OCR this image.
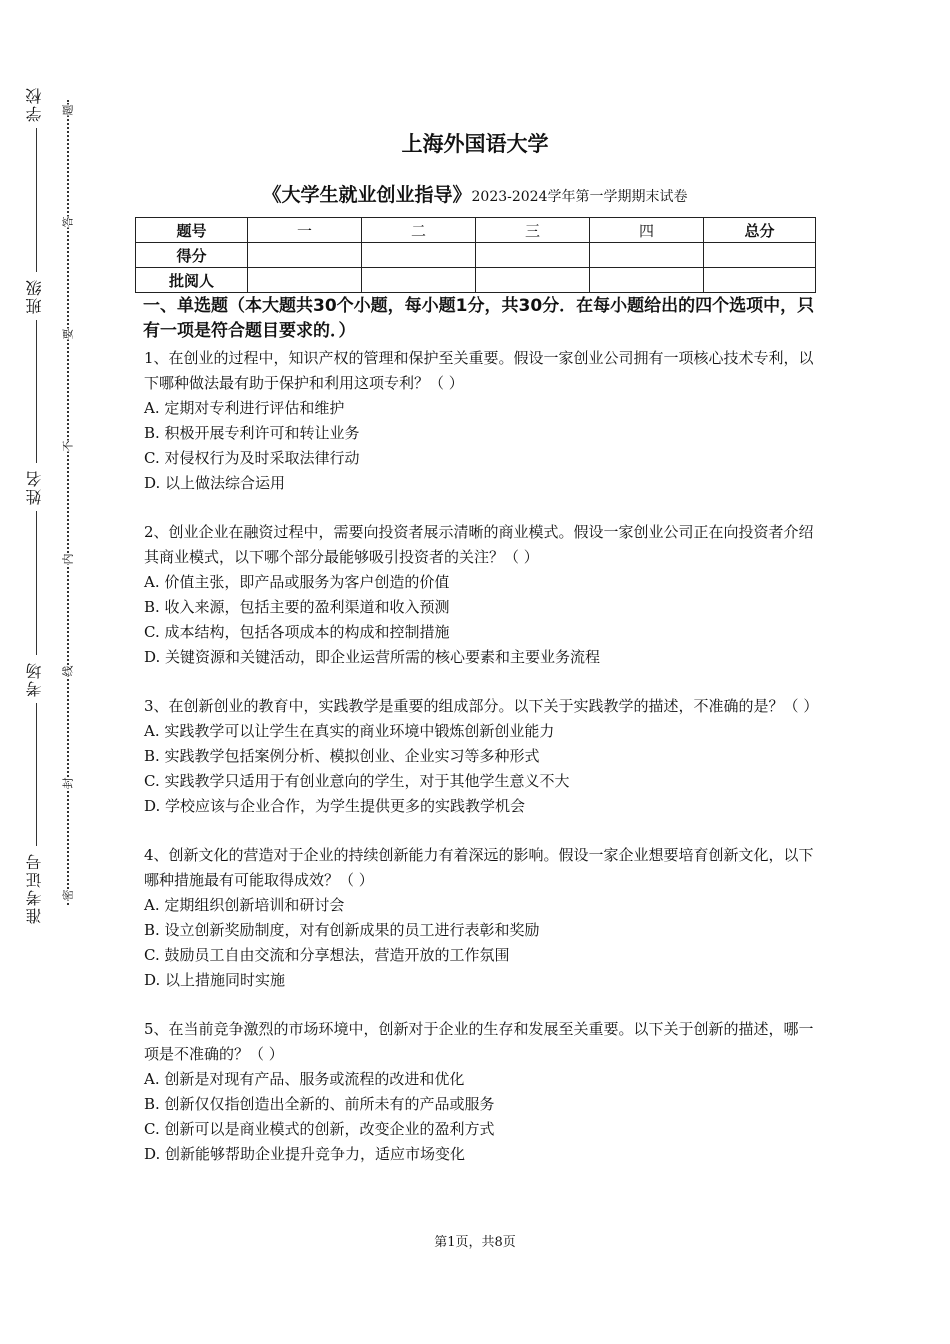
学校
班级
姓名
考场
准考证号
题
答
要
不
内
线
封
密
上海外国语大学
《大学生就业创业指导》2023-2024学年第一学期期末试卷
题号	一	二	三	四	总分
得分					
批阅人					
一、单选题（本大题共30个小题，每小题1分，共30分．在每小题给出的四个选项中，只有一项是符合题目要求的．）
1、在创业的过程中，知识产权的管理和保护至关重要。假设一家创业公司拥有一项核心技术专利，以下哪种做法最有助于保护和利用这项专利？（ ）
A. 定期对专利进行评估和维护
B. 积极开展专利许可和转让业务
C. 对侵权行为及时采取法律行动
D. 以上做法综合运用
2、创业企业在融资过程中，需要向投资者展示清晰的商业模式。假设一家创业公司正在向投资者介绍其商业模式，以下哪个部分最能够吸引投资者的关注？（ ）
A. 价值主张，即产品或服务为客户创造的价值
B. 收入来源，包括主要的盈利渠道和收入预测
C. 成本结构，包括各项成本的构成和控制措施
D. 关键资源和关键活动，即企业运营所需的核心要素和主要业务流程
3、在创新创业的教育中，实践教学是重要的组成部分。以下关于实践教学的描述，不准确的是？（ ）
A. 实践教学可以让学生在真实的商业环境中锻炼创新创业能力
B. 实践教学包括案例分析、模拟创业、企业实习等多种形式
C. 实践教学只适用于有创业意向的学生，对于其他学生意义不大
D. 学校应该与企业合作，为学生提供更多的实践教学机会
4、创新文化的营造对于企业的持续创新能力有着深远的影响。假设一家企业想要培育创新文化，以下哪种措施最有可能取得成效？（ ）
A. 定期组织创新培训和研讨会
B. 设立创新奖励制度，对有创新成果的员工进行表彰和奖励
C. 鼓励员工自由交流和分享想法，营造开放的工作氛围
D. 以上措施同时实施
5、在当前竞争激烈的市场环境中，创新对于企业的生存和发展至关重要。以下关于创新的描述，哪一项是不准确的？（ ）
A. 创新是对现有产品、服务或流程的改进和优化
B. 创新仅仅指创造出全新的、前所未有的产品或服务
C. 创新可以是商业模式的创新，改变企业的盈利方式
D. 创新能够帮助企业提升竞争力，适应市场变化
第1页，共8页
